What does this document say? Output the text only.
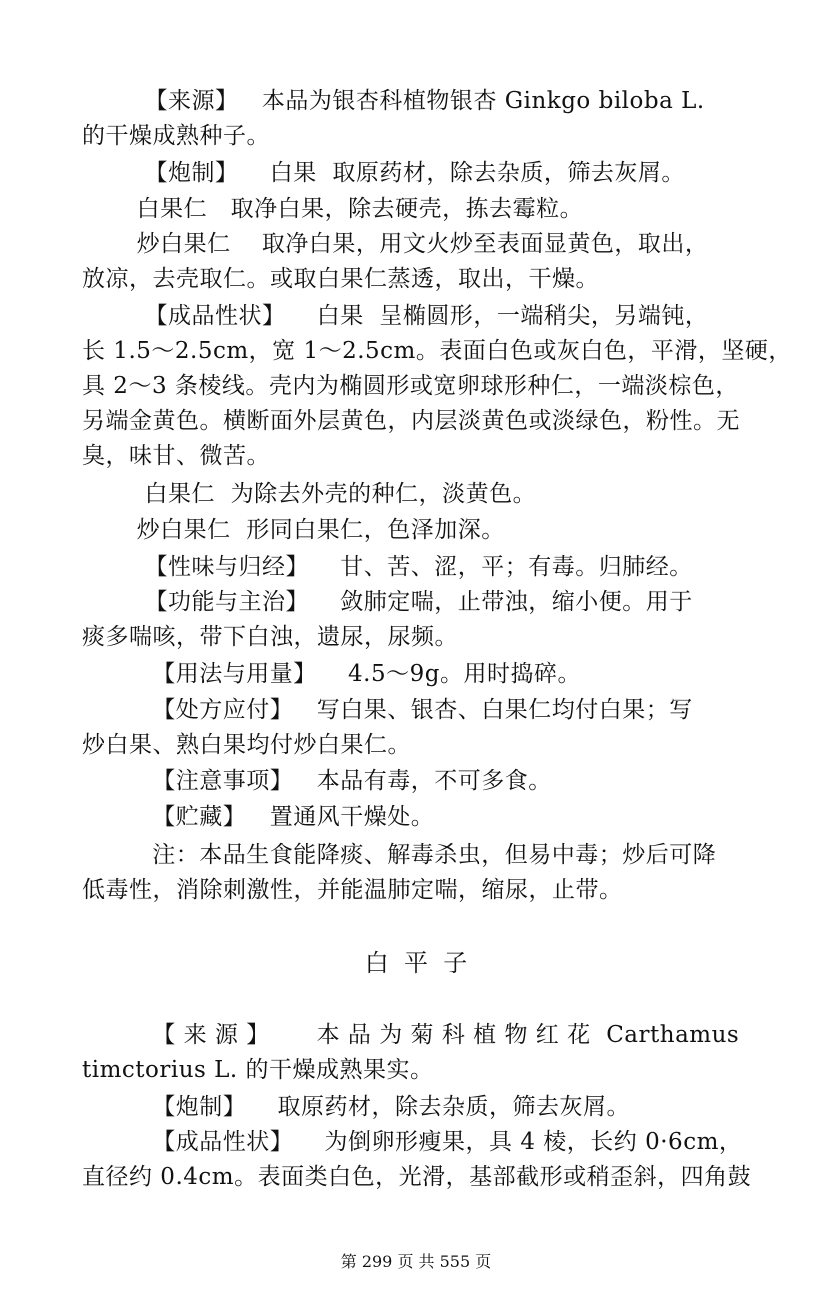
【来源】   本品为银杏科植物银杏 Ginkgo biloba L.
的干燥成熟种子。
【炮制】    白果  取原药材，除去杂质，筛去灰屑。
白果仁   取净白果，除去硬壳，拣去霉粒。
炒白果仁    取净白果，用文火炒至表面显黄色，取出，
放凉，去壳取仁。或取白果仁蒸透，取出，干燥。
【成品性状】    白果  呈椭圆形，一端稍尖，另端钝，
长 1.5～2.5cm，宽 1～2.5cm。表面白色或灰白色，平滑，坚硬，
具 2～3 条棱线。壳内为椭圆形或宽卵球形种仁，一端淡棕色，
另端金黄色。横断面外层黄色，内层淡黄色或淡绿色，粉性。无
臭，味甘、微苦。
白果仁  为除去外壳的种仁，淡黄色。
炒白果仁  形同白果仁，色泽加深。
【性味与归经】    甘、苦、涩，平；有毒。归肺经。
【功能与主治】    敛肺定喘，止带浊，缩小便。用于
痰多喘咳，带下白浊，遗尿，尿频。
【用法与用量】    4.5～9g。用时捣碎。
【处方应付】   写白果、银杏、白果仁均付白果；写
炒白果、熟白果均付炒白果仁。
【注意事项】   本品有毒，不可多食。
【贮藏】   置通风干燥处。
注：本品生食能降痰、解毒杀虫，但易中毒；炒后可降
低毒性，消除刺激性，并能温肺定喘，缩尿，止带。
白  平  子
【 来 源 】      本 品 为 菊 科 植 物 红 花  Carthamus
timctorius L. 的干燥成熟果实。
【炮制】    取原药材，除去杂质，筛去灰屑。
【成品性状】    为倒卵形瘦果，具 4 棱，长约 0·6cm，
直径约 0.4cm。表面类白色，光滑，基部截形或稍歪斜，四角鼓
第 299 页 共 555 页
